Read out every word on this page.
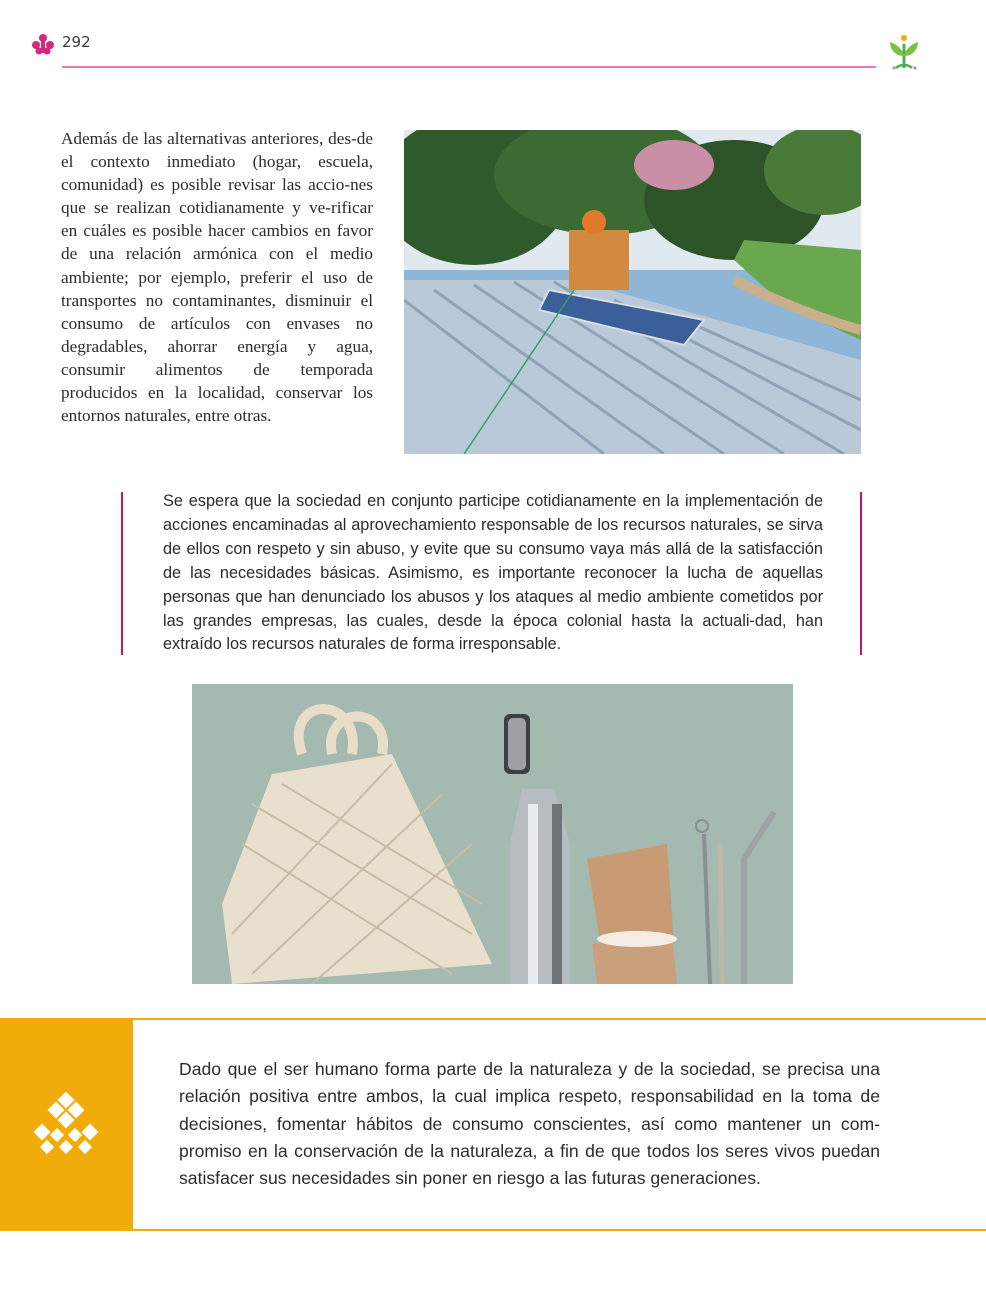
292

Además de las alternativas anteriores, des-de el contexto inmediato (hogar, escuela, comunidad) es posible revisar las accio-nes que se realizan cotidianamente y ve-rificar en cuáles es posible hacer cambios en favor de una relación armónica con el medio ambiente; por ejemplo, preferir el uso de transportes no contaminantes, disminuir el consumo de artículos con envases no degradables, ahorrar energía y agua, consumir alimentos de temporada producidos en la localidad, conservar los entornos naturales, entre otras.

Se espera que la sociedad en conjunto participe cotidianamente en la implementación de acciones encaminadas al aprovechamiento responsable de los recursos naturales, se sirva de ellos con respeto y sin abuso, y evite que su consumo vaya más allá de la satisfacción de las necesidades básicas. Asimismo, es importante reconocer la lucha de aquellas personas que han denunciado los abusos y los ataques al medio ambiente cometidos por las grandes empresas, las cuales, desde la época colonial hasta la actuali-dad, han extraído los recursos naturales de forma irresponsable.

Dado que el ser humano forma parte de la naturaleza y de la sociedad, se precisa una relación positiva entre ambos, la cual implica respeto, responsabilidad en la toma de decisiones, fomentar hábitos de consumo conscientes, así como mantener un com-promiso en la conservación de la naturaleza, a fin de que todos los seres vivos puedan satisfacer sus necesidades sin poner en riesgo a las futuras generaciones.
